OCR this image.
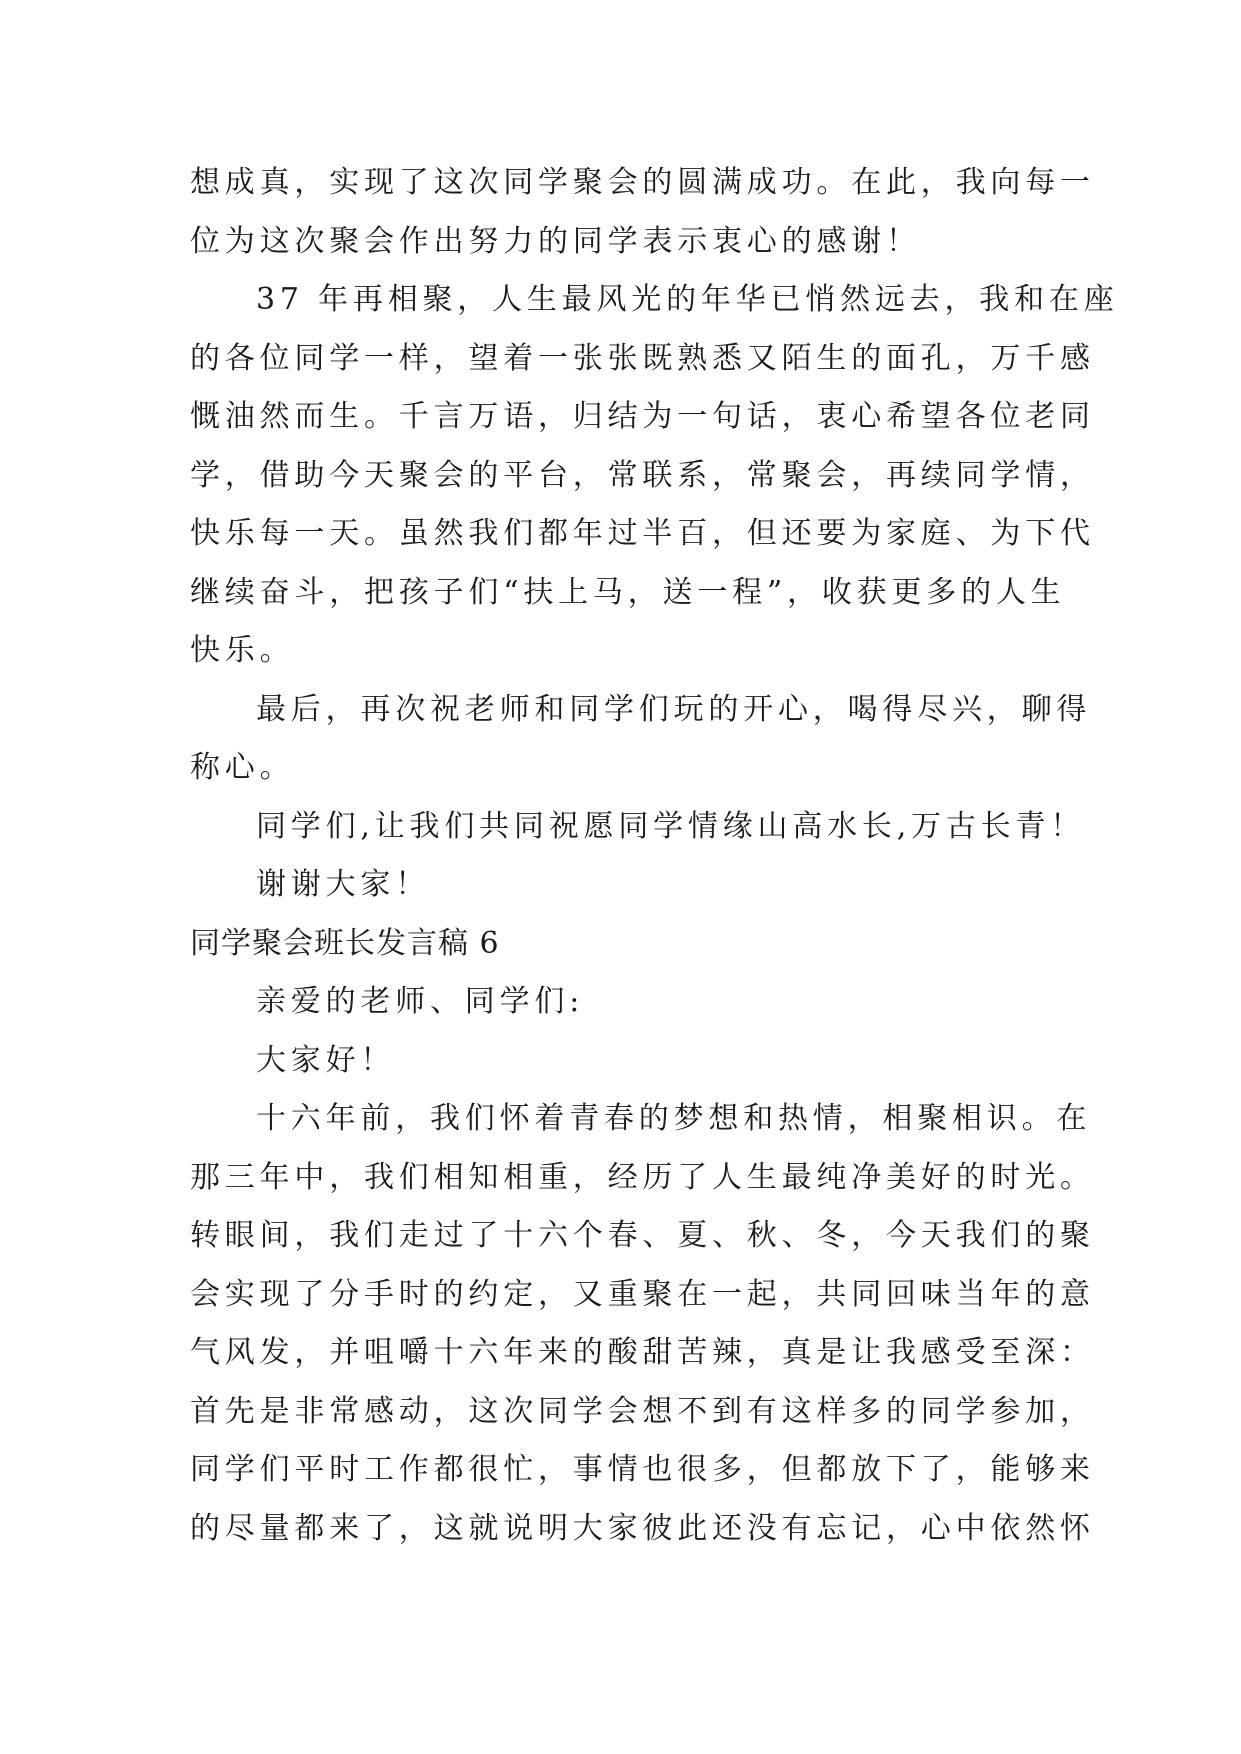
想成真，实现了这次同学聚会的圆满成功。在此，我向每一
位为这次聚会作出努力的同学表示衷心的感谢！
37 年再相聚，人生最风光的年华已悄然远去，我和在座
的各位同学一样，望着一张张既熟悉又陌生的面孔，万千感
慨油然而生。千言万语，归结为一句话，衷心希望各位老同
学，借助今天聚会的平台，常联系，常聚会，再续同学情，
快乐每一天。虽然我们都年过半百，但还要为家庭、为下代
继续奋斗，把孩子们“扶上马，送一程”，收获更多的人生
快乐。
最后，再次祝老师和同学们玩的开心，喝得尽兴，聊得
称心。
同学们,让我们共同祝愿同学情缘山高水长,万古长青！
谢谢大家！
同学聚会班长发言稿 6
亲爱的老师、同学们:
大家好！
十六年前，我们怀着青春的梦想和热情，相聚相识。在
那三年中，我们相知相重，经历了人生最纯净美好的时光。
转眼间，我们走过了十六个春、夏、秋、冬，今天我们的聚
会实现了分手时的约定，又重聚在一起，共同回味当年的意
气风发，并咀嚼十六年来的酸甜苦辣，真是让我感受至深：
首先是非常感动，这次同学会想不到有这样多的同学参加，
同学们平时工作都很忙，事情也很多，但都放下了，能够来
的尽量都来了，这就说明大家彼此还没有忘记，心中依然怀
